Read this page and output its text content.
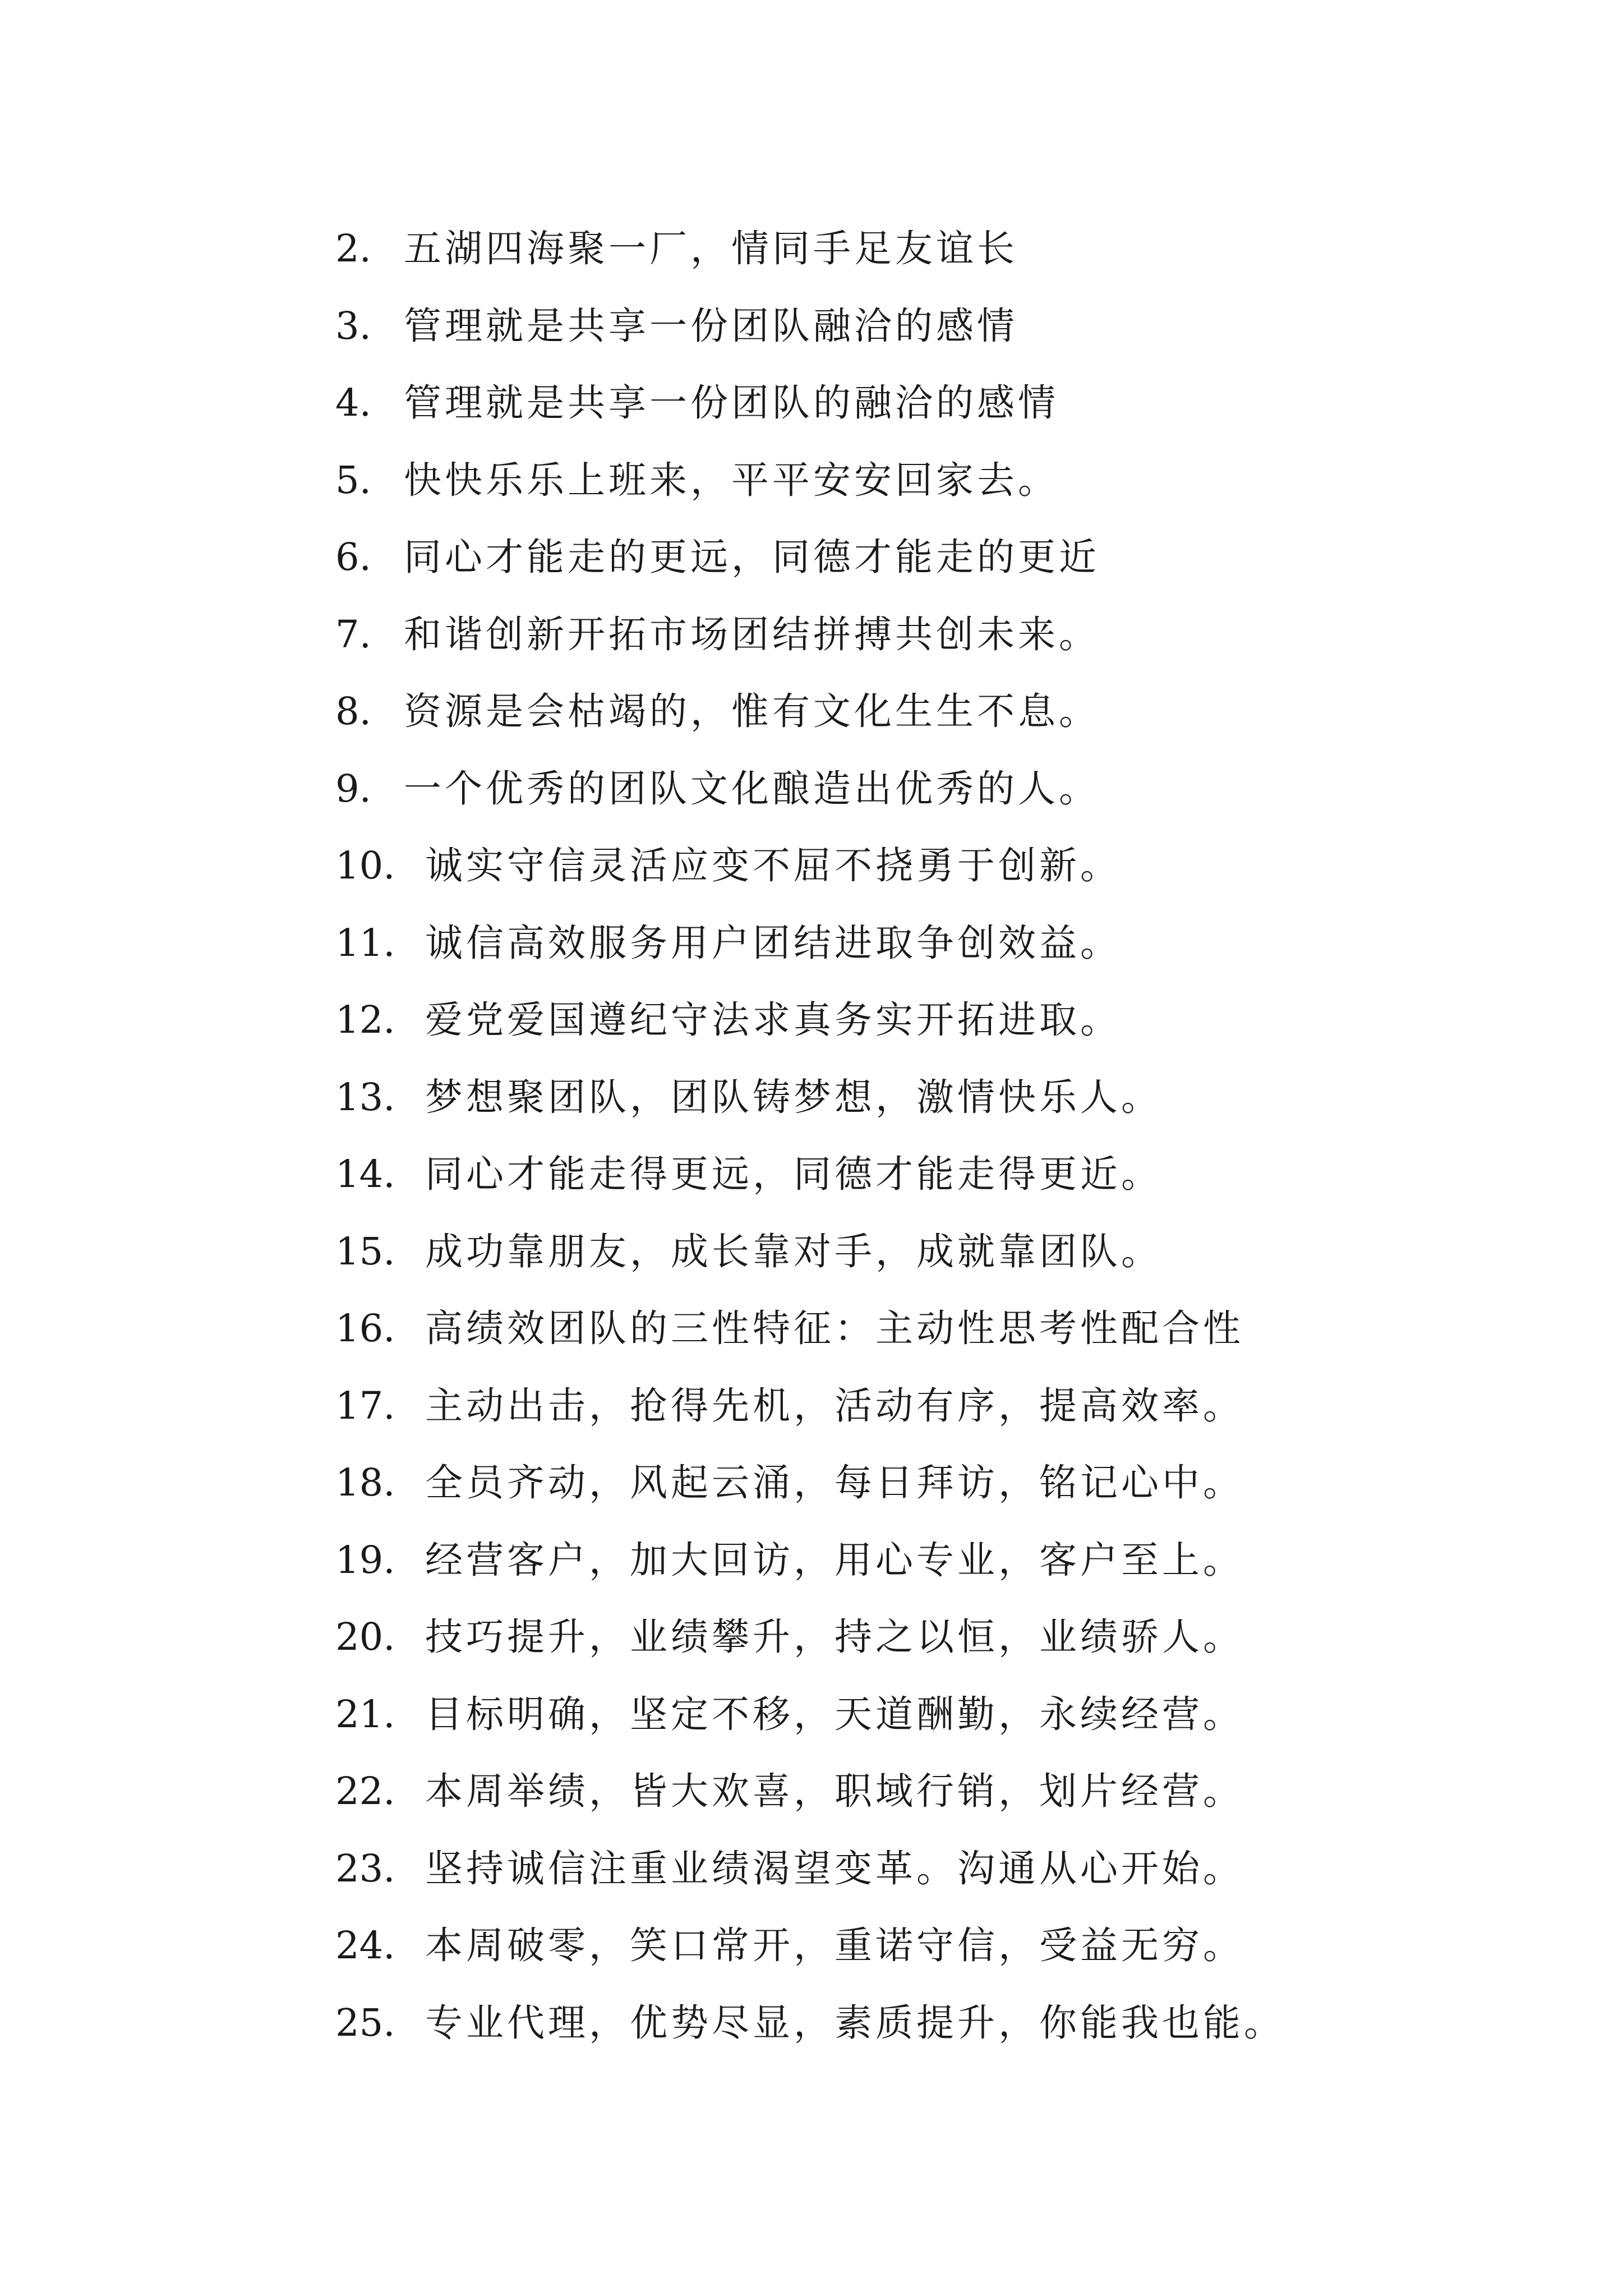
2. 五湖四海聚一厂，情同手足友谊长
3. 管理就是共享一份团队融洽的感情
4. 管理就是共享一份团队的融洽的感情
5. 快快乐乐上班来，平平安安回家去。
6. 同心才能走的更远，同德才能走的更近
7. 和谐创新开拓市场团结拼搏共创未来。
8. 资源是会枯竭的，惟有文化生生不息。
9. 一个优秀的团队文化酿造出优秀的人。
10. 诚实守信灵活应变不屈不挠勇于创新。
11. 诚信高效服务用户团结进取争创效益。
12. 爱党爱国遵纪守法求真务实开拓进取。
13. 梦想聚团队，团队铸梦想，激情快乐人。
14. 同心才能走得更远，同德才能走得更近。
15. 成功靠朋友，成长靠对手，成就靠团队。
16. 高绩效团队的三性特征：主动性思考性配合性
17. 主动出击，抢得先机，活动有序，提高效率。
18. 全员齐动，风起云涌，每日拜访，铭记心中。
19. 经营客户，加大回访，用心专业，客户至上。
20. 技巧提升，业绩攀升，持之以恒，业绩骄人。
21. 目标明确，坚定不移，天道酬勤，永续经营。
22. 本周举绩，皆大欢喜，职域行销，划片经营。
23. 坚持诚信注重业绩渴望变革。沟通从心开始。
24. 本周破零，笑口常开，重诺守信，受益无穷。
25. 专业代理，优势尽显，素质提升，你能我也能。
